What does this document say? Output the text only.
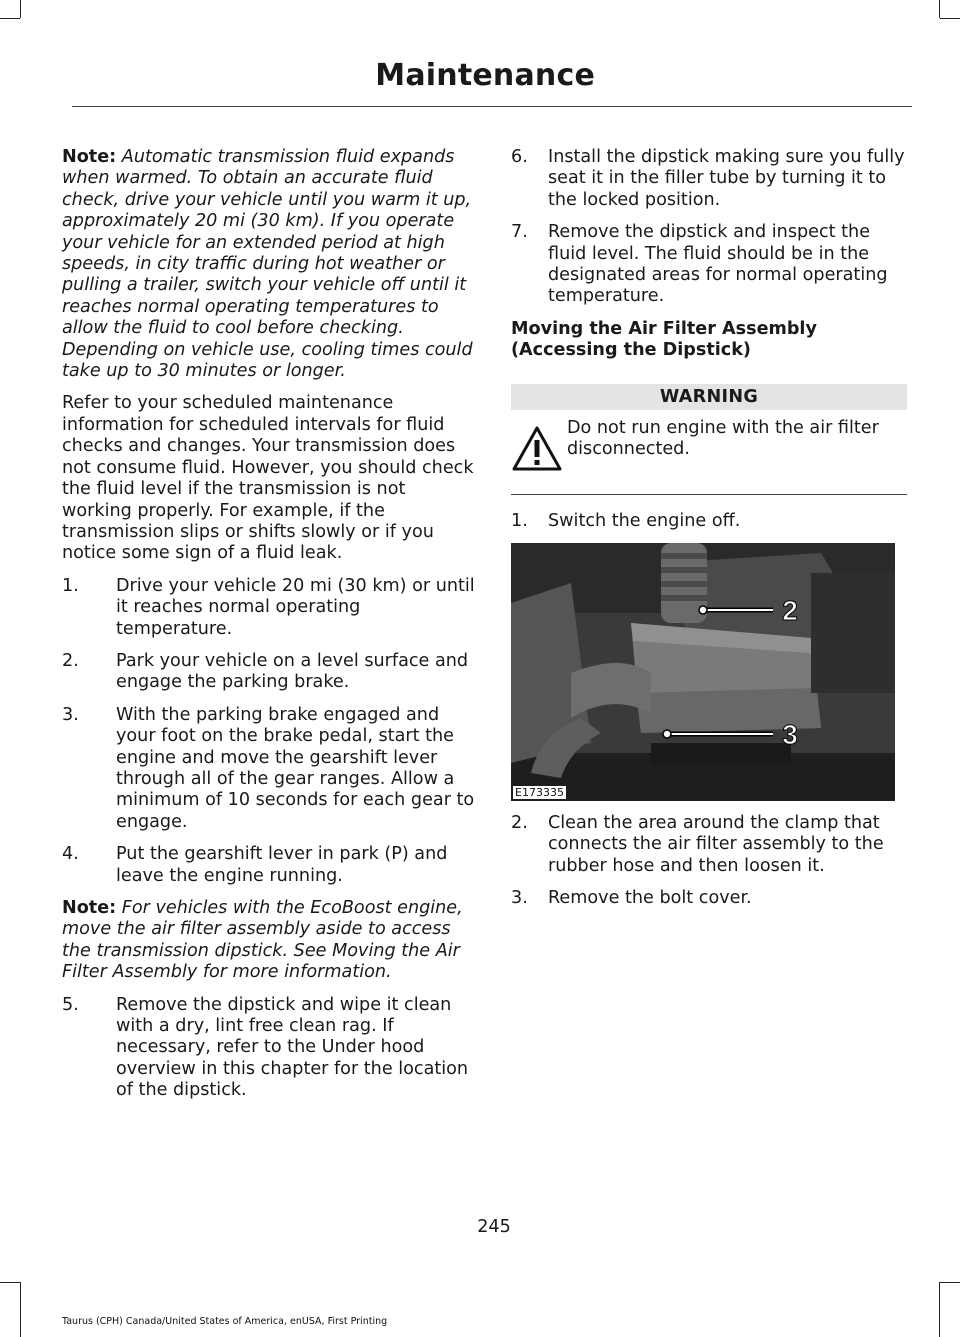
Maintenance

Note: Automatic transmission fluid expands when warmed. To obtain an accurate fluid check, drive your vehicle until you warm it up, approximately 20 mi (30 km). If you operate your vehicle for an extended period at high speeds, in city traffic during hot weather or pulling a trailer, switch your vehicle off until it reaches normal operating temperatures to allow the fluid to cool before checking. Depending on vehicle use, cooling times could take up to 30 minutes or longer.

Refer to your scheduled maintenance information for scheduled intervals for fluid checks and changes. Your transmission does not consume fluid. However, you should check the fluid level if the transmission is not working properly. For example, if the transmission slips or shifts slowly or if you notice some sign of a fluid leak.

1. Drive your vehicle 20 mi (30 km) or until it reaches normal operating temperature.
2. Park your vehicle on a level surface and engage the parking brake.
3. With the parking brake engaged and your foot on the brake pedal, start the engine and move the gearshift lever through all of the gear ranges. Allow a minimum of 10 seconds for each gear to engage.
4. Put the gearshift lever in park (P) and leave the engine running.

Note: For vehicles with the EcoBoost engine, move the air filter assembly aside to access the transmission dipstick. See Moving the Air Filter Assembly for more information.

5. Remove the dipstick and wipe it clean with a dry, lint free clean rag. If necessary, refer to the Under hood overview in this chapter for the location of the dipstick.
6. Install the dipstick making sure you fully seat it in the filler tube by turning it to the locked position.
7. Remove the dipstick and inspect the fluid level. The fluid should be in the designated areas for normal operating temperature.
Moving the Air Filter Assembly (Accessing the Dipstick)
WARNING
Do not run engine with the air filter disconnected.
1. Switch the engine off.
2
3
E173335
2. Clean the area around the clamp that connects the air filter assembly to the rubber hose and then loosen it.
3. Remove the bolt cover.
245
Taurus (CPH) Canada/United States of America, enUSA, First Printing
